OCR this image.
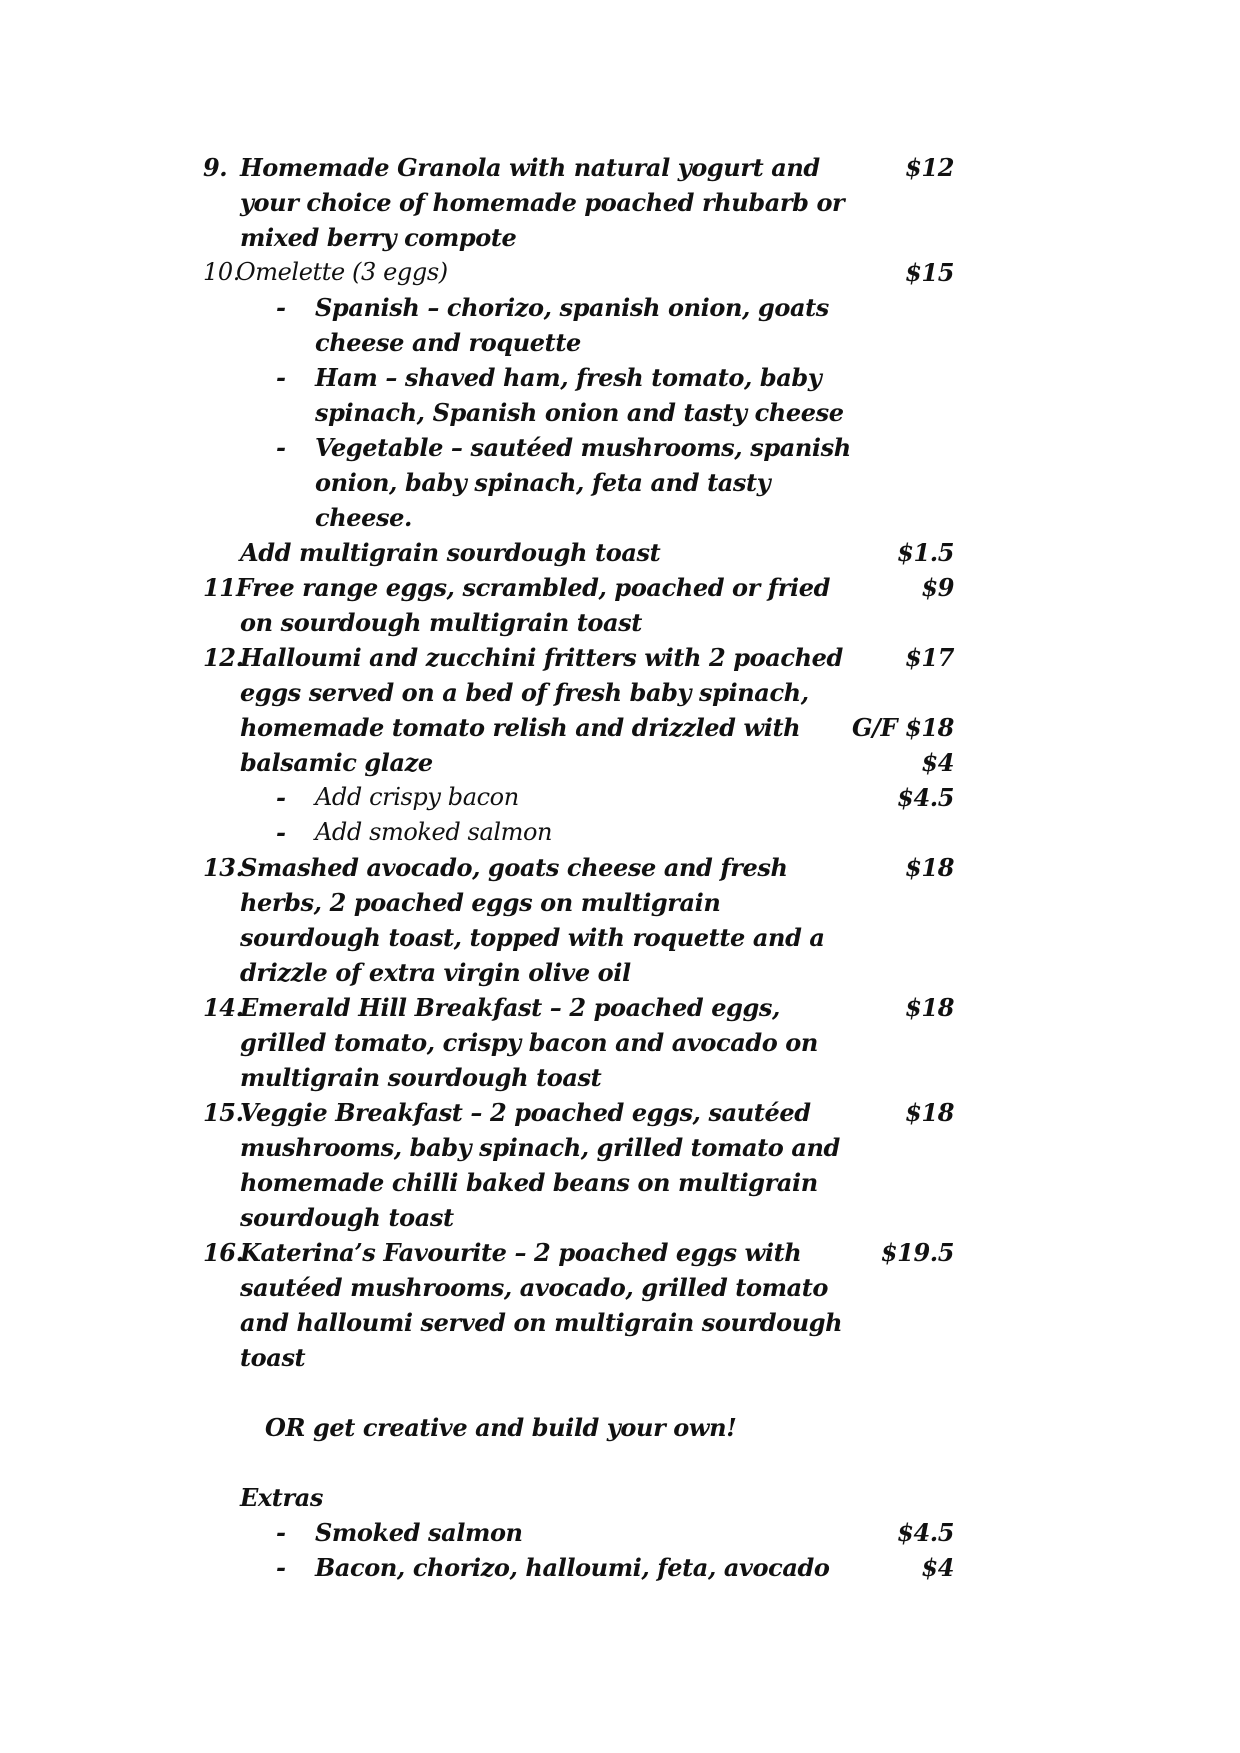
9. Homemade Granola with natural yogurt and	$12
your choice of homemade poached rhubarb or
mixed berry compote
10.
Omelette (3 eggs)	$15
- Spanish – chorizo, spanish onion, goats
cheese and roquette
- Ham – shaved ham, fresh tomato, baby
spinach, Spanish onion and tasty cheese
- Vegetable – sautéed mushrooms, spanish
onion, baby spinach, feta and tasty
cheese.
Add multigrain sourdough toast	$1.5
11.
Free range eggs, scrambled, poached or fried	$9
on sourdough multigrain toast
12.
Halloumi and zucchini fritters with 2 poached	$17
eggs served on a bed of fresh baby spinach,
homemade tomato relish and drizzled with G/F $18
balsamic glaze	$4
- Add crispy bacon	$4.5
- Add smoked salmon
13.
Smashed avocado, goats cheese and fresh	$18
herbs, 2 poached eggs on multigrain
sourdough toast, topped with roquette and a
drizzle of extra virgin olive oil
14.
Emerald Hill Breakfast – 2 poached eggs,	$18
grilled tomato, crispy bacon and avocado on
multigrain sourdough toast
15.
Veggie Breakfast – 2 poached eggs, sautéed	$18
mushrooms, baby spinach, grilled tomato and
homemade chilli baked beans on multigrain
sourdough toast
16.
Katerina’s Favourite – 2 poached eggs with	$19.5
sautéed mushrooms, avocado, grilled tomato
and halloumi served on multigrain sourdough
toast
OR get creative and build your own!
Extras
- Smoked salmon	$4.5
- Bacon, chorizo, halloumi, feta, avocado	$4
